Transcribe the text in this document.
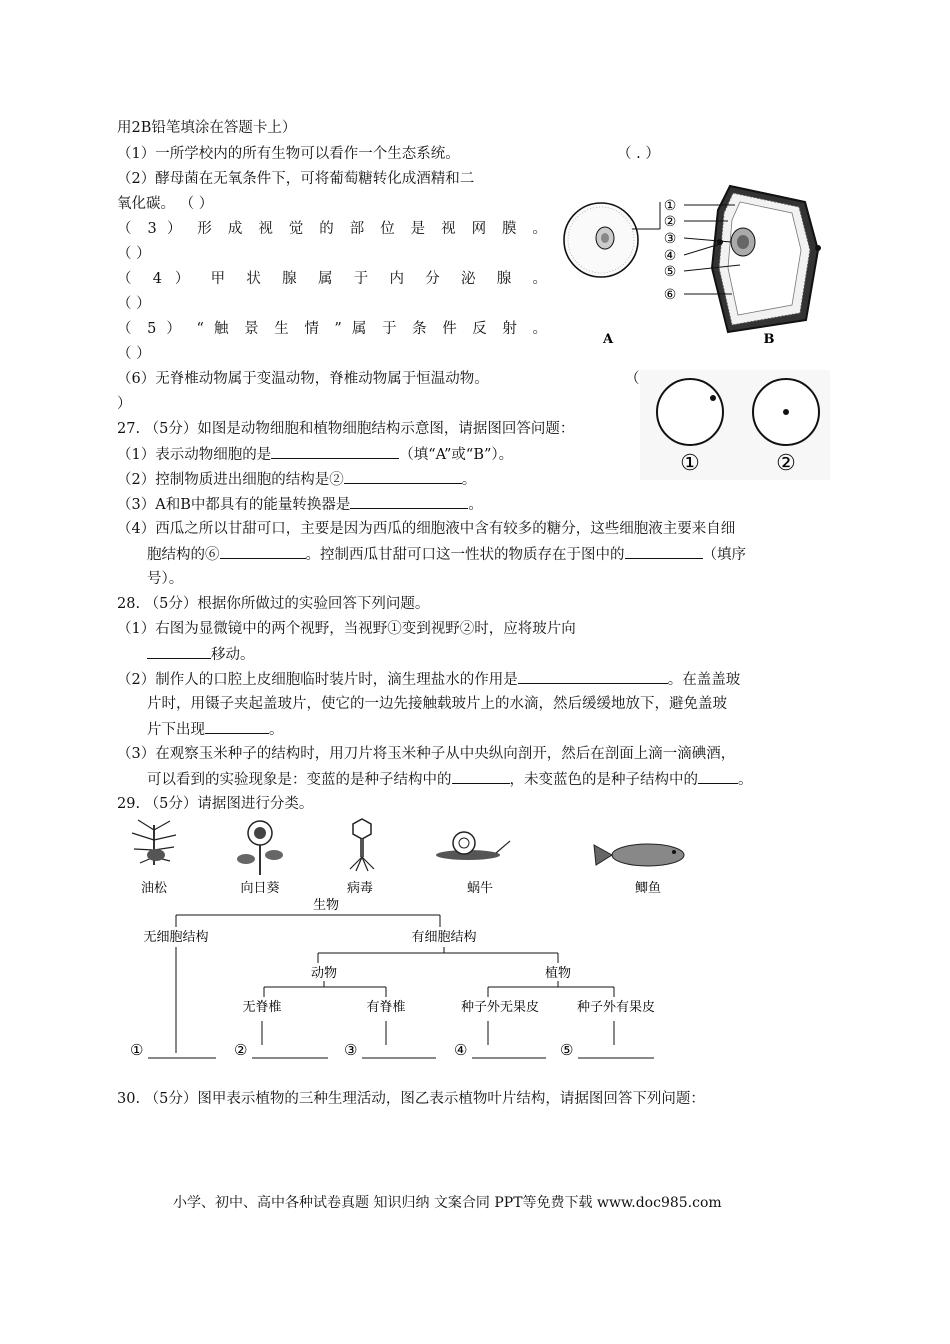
用2B铅笔填涂在答题卡上）
（1）一所学校内的所有生物可以看作一个生态系统。	（ . ）
（2）酵母菌在无氧条件下，可将葡萄糖转化成酒精和二
氧化碳。 （ ）
（ 3 ） 形 成 视 觉 的 部 位 是 视 网 膜 。
（ ）
（ 4 ） 甲 状 腺 属 于 内 分 泌 腺 。
（ ）
（ 5 ） “ 触 景 生 情 ” 属 于 条 件 反 射 。
（ ）
（6）无脊椎动物属于变温动物，脊椎动物属于恒温动物。	（
）
①
②
③
④
⑤
⑥
A	B
①	②
27. （5分）如图是动物细胞和植物细胞结构示意图，请据图回答问题：
（1）表示动物细胞的是	（填“A”或“B”）。
（2）控制物质进出细胞的结构是②	。
（3）A和B中都具有的能量转换器是	。
（4）西瓜之所以甘甜可口，主要是因为西瓜的细胞液中含有较多的糖分，这些细胞液主要来自细
胞结构的⑥	。控制西瓜甘甜可口这一性状的物质存在于图中的	（填序
号）。
28. （5分）根据你所做过的实验回答下列问题。
（1）右图为显微镜中的两个视野，当视野①变到视野②时，应将玻片向
移动。
（2）制作人的口腔上皮细胞临时装片时，滴生理盐水的作用是	。在盖盖玻
片时，用镊子夹起盖玻片，使它的一边先接触载玻片上的水滴，然后缓缓地放下，避免盖玻
片下出现	。
（3）在观察玉米种子的结构时，用刀片将玉米种子从中央纵向剖开，然后在剖面上滴一滴碘酒，
可以看到的实验现象是：变蓝的是种子结构中的	，未变蓝色的是种子结构中的	。
29. （5分）请据图进行分类。
油松	向日葵	病毒	蜗牛	鲫鱼
生物
无细胞结构	有细胞结构
动物	植物
无脊椎	有脊椎	种子外无果皮	种子外有果皮
①	②	③	④	⑤
30. （5分）图甲表示植物的三种生理活动，图乙表示植物叶片结构，请据图回答下列问题：
小学、初中、高中各种试卷真题 知识归纳 文案合同 PPT等免费下载 www.doc985.com
